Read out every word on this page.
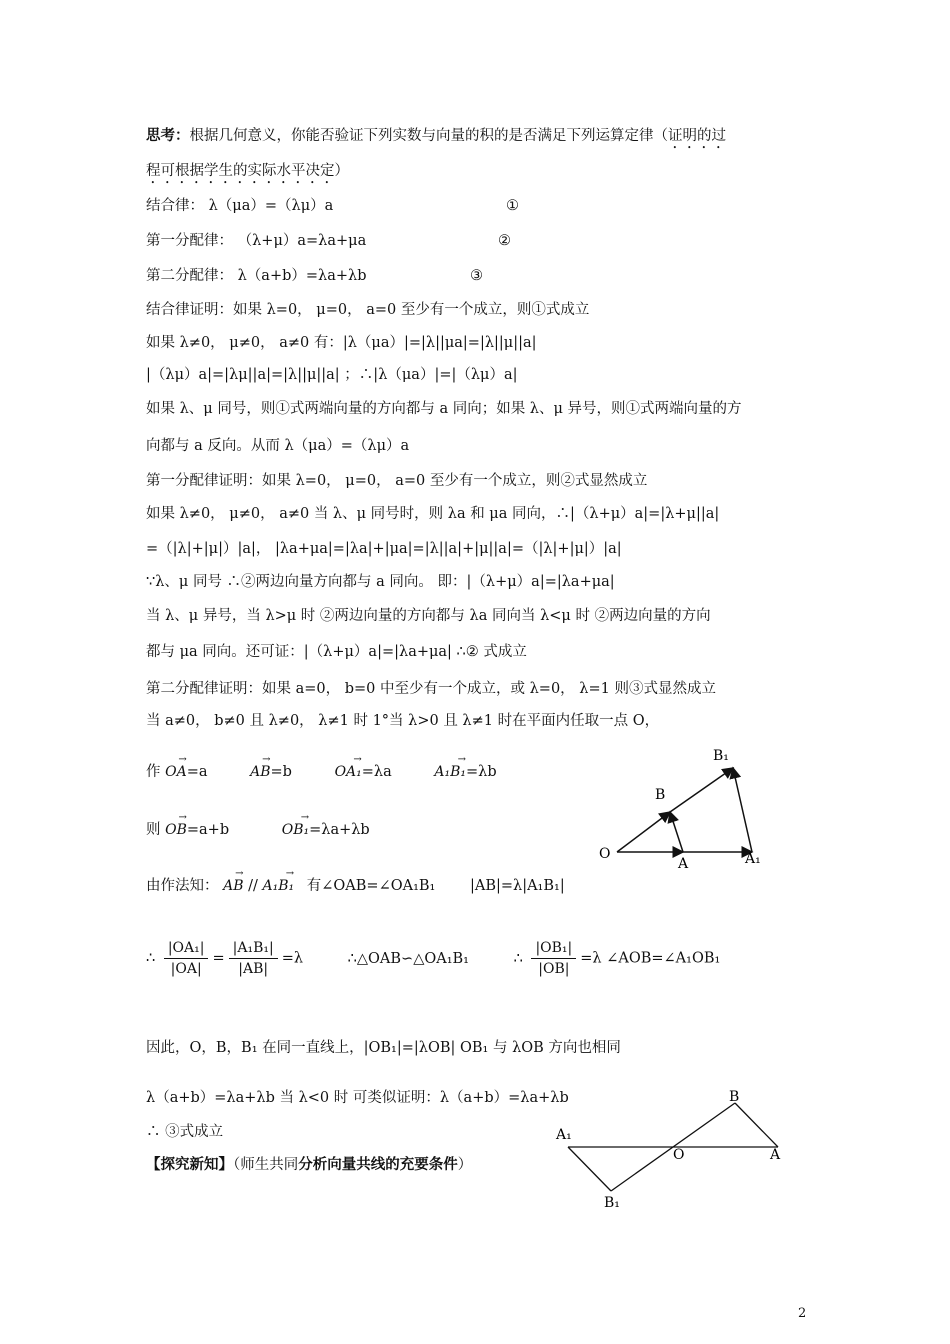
思考：根据几何意义，你能否验证下列实数与向量的积的是否满足下列运算定律（证明的过
程可根据学生的实际水平决定）
结合律： λ（μa）=（λμ）a	①
第一分配律： （λ+μ）a=λa+μa	②
第二分配律： λ（a+b）=λa+λb	③
结合律证明：如果 λ=0， μ=0， a=0 至少有一个成立，则①式成立
如果 λ≠0， μ≠0， a≠0 有：|λ（μa）|=|λ||μa|=|λ||μ||a|
|（λμ）a|=|λμ||a|=|λ||μ||a| ；∴|λ（μa）|=|（λμ）a|
如果 λ、μ 同号，则①式两端向量的方向都与 a 同向；如果 λ、μ 异号，则①式两端向量的方
向都与 a 反向。从而 λ（μa）=（λμ）a
第一分配律证明：如果 λ=0， μ=0， a=0 至少有一个成立，则②式显然成立
如果 λ≠0， μ≠0， a≠0 当 λ、μ 同号时，则 λa 和 μa 同向，∴|（λ+μ）a|=|λ+μ||a|
=（|λ|+|μ|）|a|， |λa+μa|=|λa|+|μa|=|λ||a|+|μ||a|=（|λ|+|μ|）|a|
∵λ、μ 同号 ∴②两边向量方向都与 a 同向。 即：|（λ+μ）a|=|λa+μa|
当 λ、μ 异号，当 λ>μ 时 ②两边向量的方向都与 λa 同向当 λ<μ 时 ②两边向量的方向
都与 μa 同向。还可证：|（λ+μ）a|=|λa+μa| ∴② 式成立
第二分配律证明：如果 a=0， b=0 中至少有一个成立，或 λ=0， λ=1 则③式显然成立
当 a≠0， b≠0 且 λ≠0， λ≠1 时 1°当 λ>0 且 λ≠1 时在平面内任取一点 O，
作 → OA=a	→ AB=b	→ OA₁=λa	→ A₁B₁=λb
则 → OB=a+b	→ OB₁=λa+λb
由作法知： → AB // → A₁B₁ 有∠OAB=∠OA₁B₁ |AB|=λ|A₁B₁|
∴ $\frac{\text{|OA₁|}}{|OA|} = \frac{\text{|A₁B₁|}}{|AB|} =\lambda$	∴△OAB∽△OA₁B₁	∴ $\frac{\text{|OB₁|}}{|OB|} =\lambda$ ∠AOB=∠A₁OB₁
因此，O，B，B₁ 在同一直线上，|OB₁|=|λOB| OB₁ 与 λOB 方向也相同
λ（a+b）=λa+λb 当 λ<0 时 可类似证明：λ（a+b）=λa+λb
∴ ③式成立
【探究新知】（师生共同分析向量共线的充要条件）
O
A	A₁
B
B₁
B
A₁
O	A
B₁
2
